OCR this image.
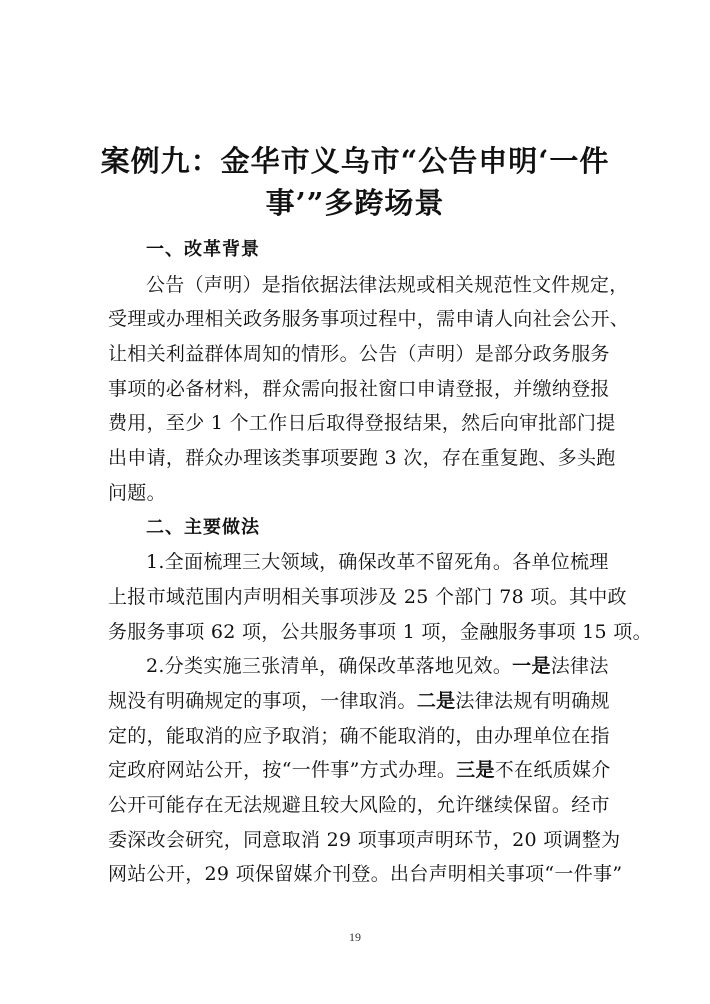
案例九：金华市义乌市“公告申明‘一件
事’”多跨场景
一、改革背景
公告（声明）是指依据法律法规或相关规范性文件规定，
受理或办理相关政务服务事项过程中，需申请人向社会公开、
让相关利益群体周知的情形。公告（声明）是部分政务服务
事项的必备材料，群众需向报社窗口申请登报，并缴纳登报
费用，至少 1 个工作日后取得登报结果，然后向审批部门提
出申请，群众办理该类事项要跑 3 次，存在重复跑、多头跑
问题。
二、主要做法
1.全面梳理三大领域，确保改革不留死角。各单位梳理
上报市域范围内声明相关事项涉及 25 个部门 78 项。其中政
务服务事项 62 项，公共服务事项 1 项，金融服务事项 15 项。
2.分类实施三张清单，确保改革落地见效。一是法律法
规没有明确规定的事项，一律取消。二是法律法规有明确规
定的，能取消的应予取消；确不能取消的，由办理单位在指
定政府网站公开，按“一件事”方式办理。三是不在纸质媒介
公开可能存在无法规避且较大风险的，允许继续保留。经市
委深改会研究，同意取消 29 项事项声明环节，20 项调整为
网站公开，29 项保留媒介刊登。出台声明相关事项“一件事”
19
